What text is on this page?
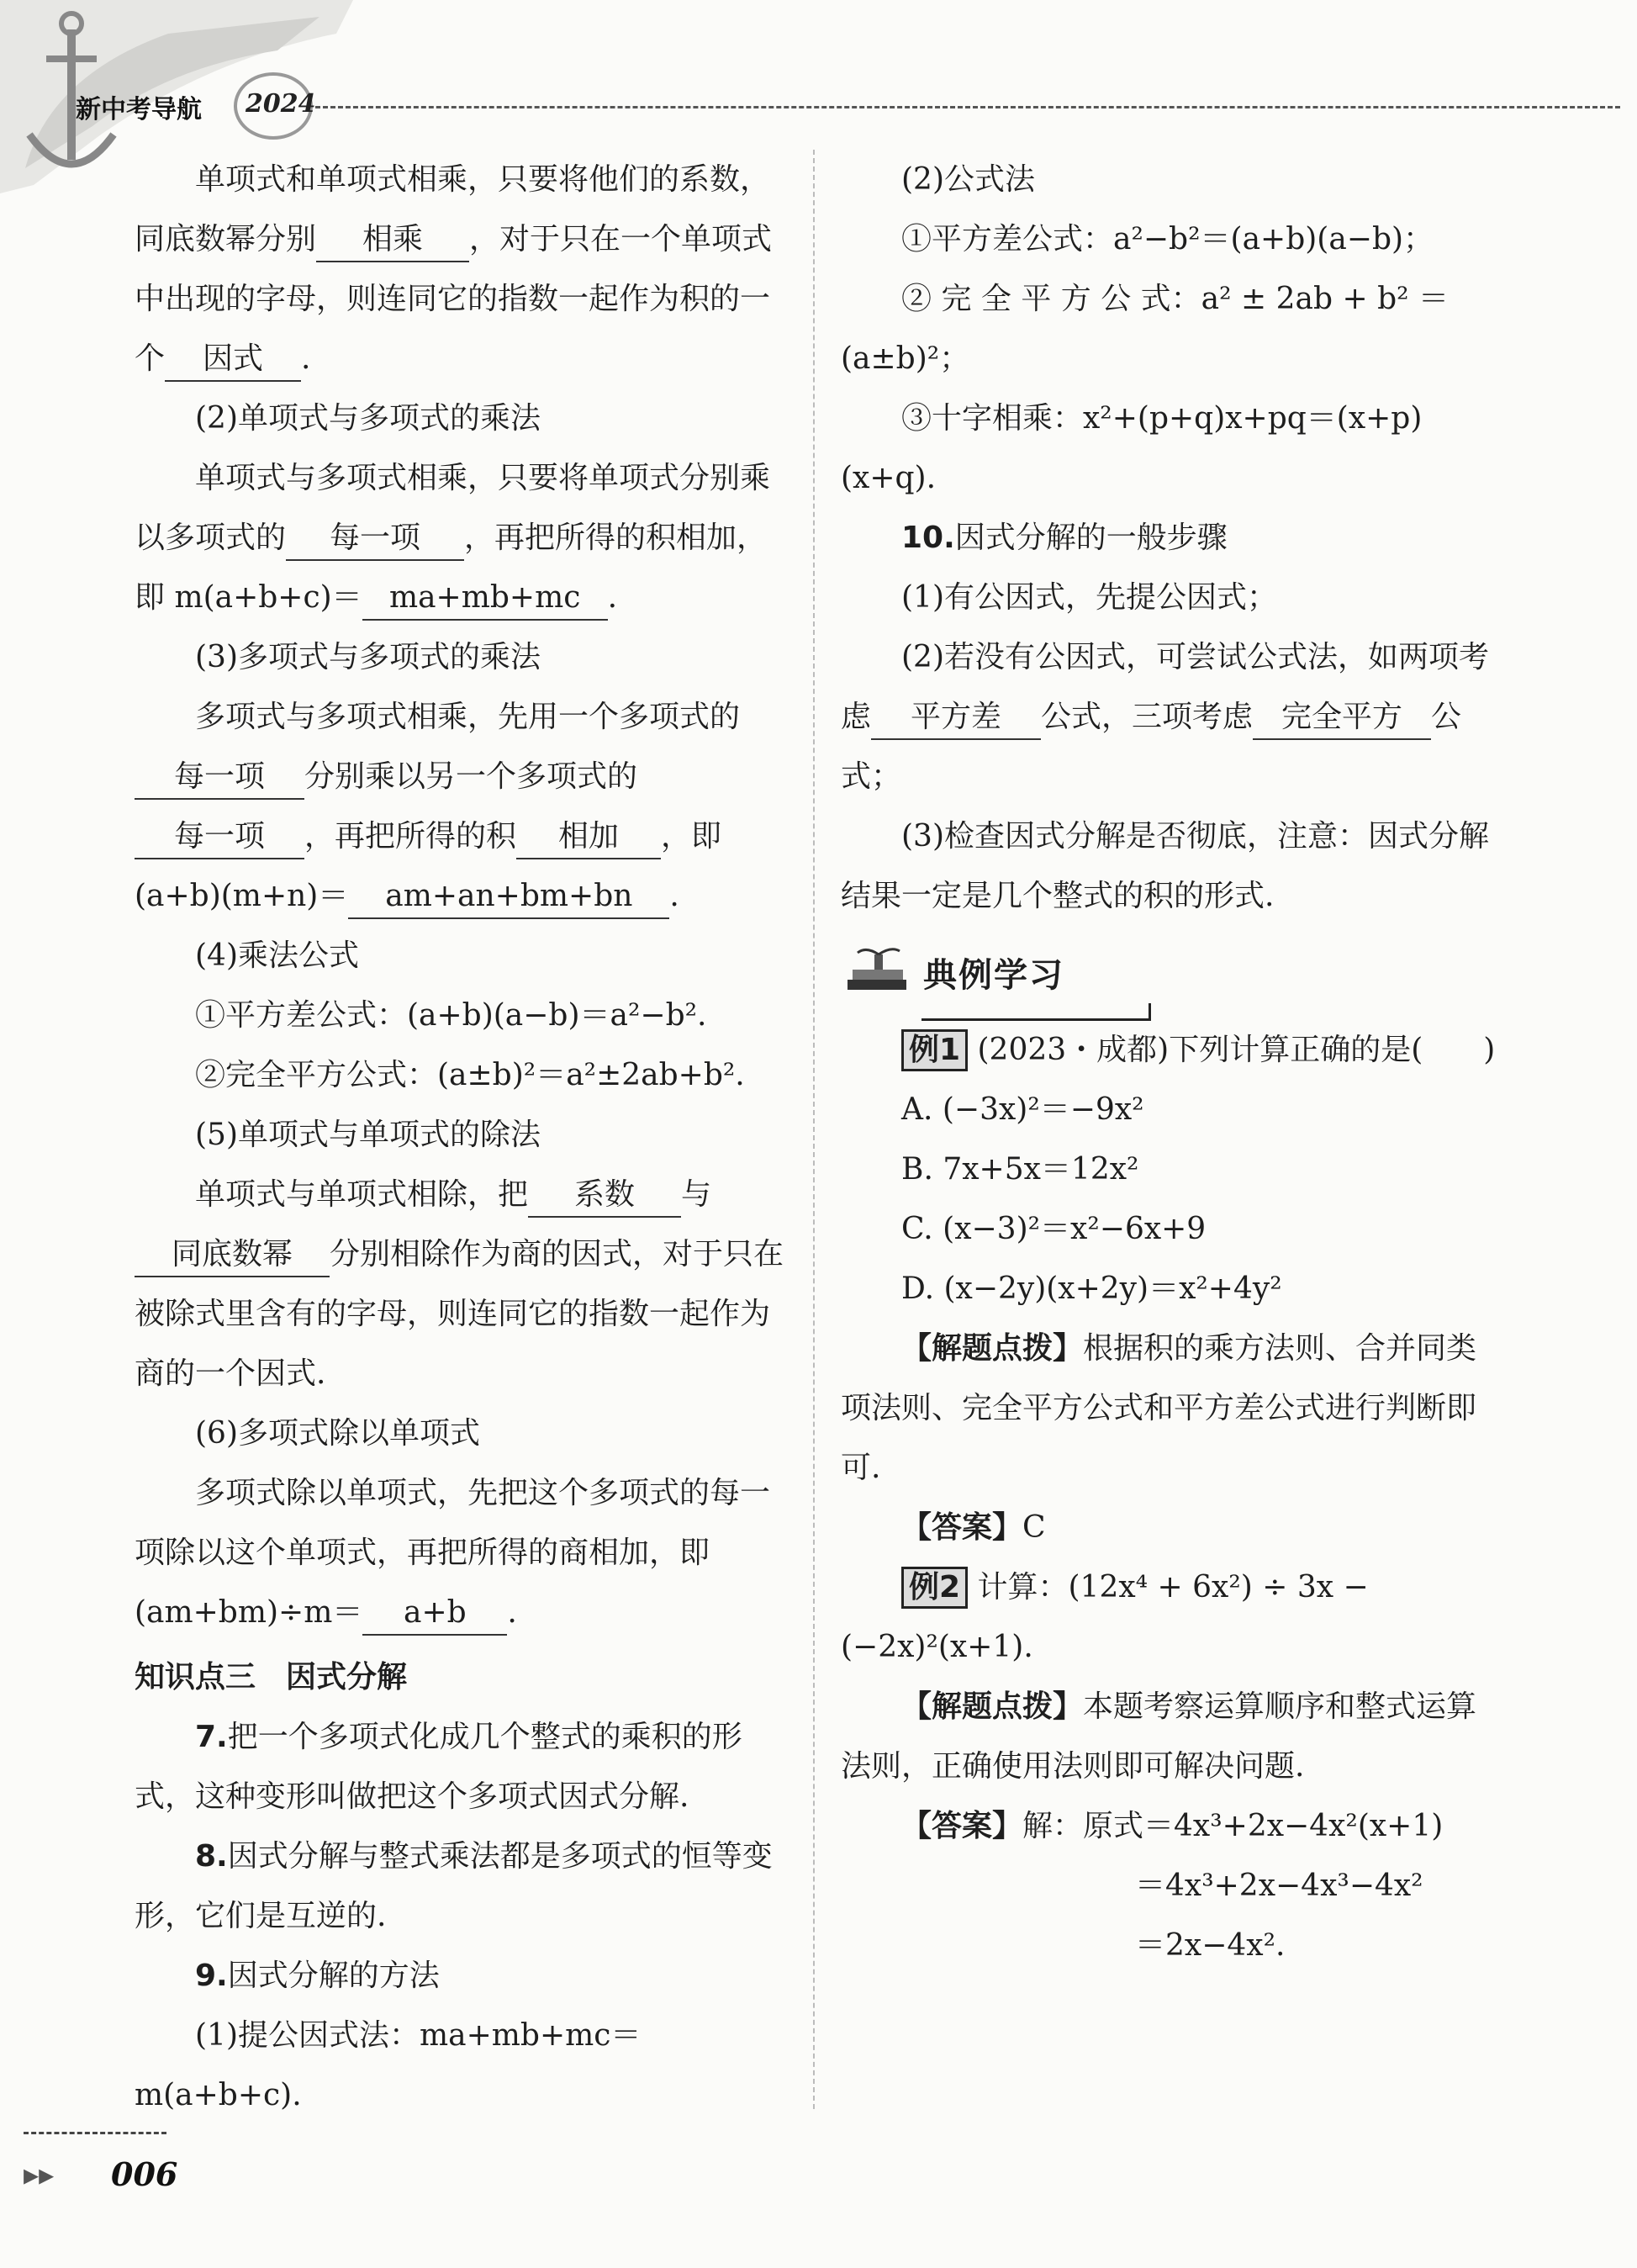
新中考导航 2024

单项式和单项式相乘，只要将他们的系数，同底数幂分别 相乘 ，对于只在一个单项式中出现的字母，则连同它的指数一起作为积的一个 因式 .

(2)单项式与多项式的乘法

单项式与多项式相乘，只要将单项式分别乘以多项式的 每一项 ，再把所得的积相加，即 m(a+b+c)＝ ma+mb+mc .

(3)多项式与多项式的乘法

多项式与多项式相乘，先用一个多项式的每一项 分别乘以另一个多项式的每一项 ，再把所得的积 相加 ，即(a+b)(m+n)＝ am+an+bm+bn .

(4)乘法公式

①平方差公式：(a+b)(a−b)＝a²−b².

②完全平方公式：(a±b)²＝a²±2ab+b².

(5)单项式与单项式的除法

单项式与单项式相除，把 系数 与同底数幂 分别相除作为商的因式，对于只在被除式里含有的字母，则连同它的指数一起作为商的一个因式.

(6)多项式除以单项式

多项式除以单项式，先把这个多项式的每一项除以这个单项式，再把所得的商相加，即(am+bm)÷m＝ a+b .

知识点三　因式分解

7.把一个多项式化成几个整式的乘积的形式，这种变形叫做把这个多项式因式分解.

8.因式分解与整式乘法都是多项式的恒等变形，它们是互逆的.

9.因式分解的方法

(1)提公因式法：ma+mb+mc＝m(a+b+c).

(2)公式法

①平方差公式：a²−b²＝(a+b)(a−b)；

② 完 全 平 方 公 式：a² ± 2ab + b² ＝(a±b)²；

③十字相乘：x²+(p+q)x+pq＝(x+p)(x+q).

10.因式分解的一般步骤

(1)有公因式，先提公因式；

(2)若没有公因式，可尝试公式法，如两项考虑 平方差 公式，三项考虑 完全平方 公式；

(3)检查因式分解是否彻底，注意：因式分解结果一定是几个整式的积的形式.

典例学习

例1 (2023・成都)下列计算正确的是(　　)

A. (−3x)²＝−9x²

B. 7x+5x＝12x²

C. (x−3)²＝x²−6x+9

D. (x−2y)(x+2y)＝x²+4y²

【解题点拨】根据积的乘方法则、合并同类项法则、完全平方公式和平方差公式进行判断即可.

【答案】C

例2 计算：(12x⁴ + 6x²) ÷ 3x − (−2x)²(x+1).

【解题点拨】本题考察运算顺序和整式运算法则，正确使用法则即可解决问题.

【答案】解：原式＝4x³+2x−4x²(x+1)

＝4x³+2x−4x³−4x²

＝2x−4x².

▸▸ 006
